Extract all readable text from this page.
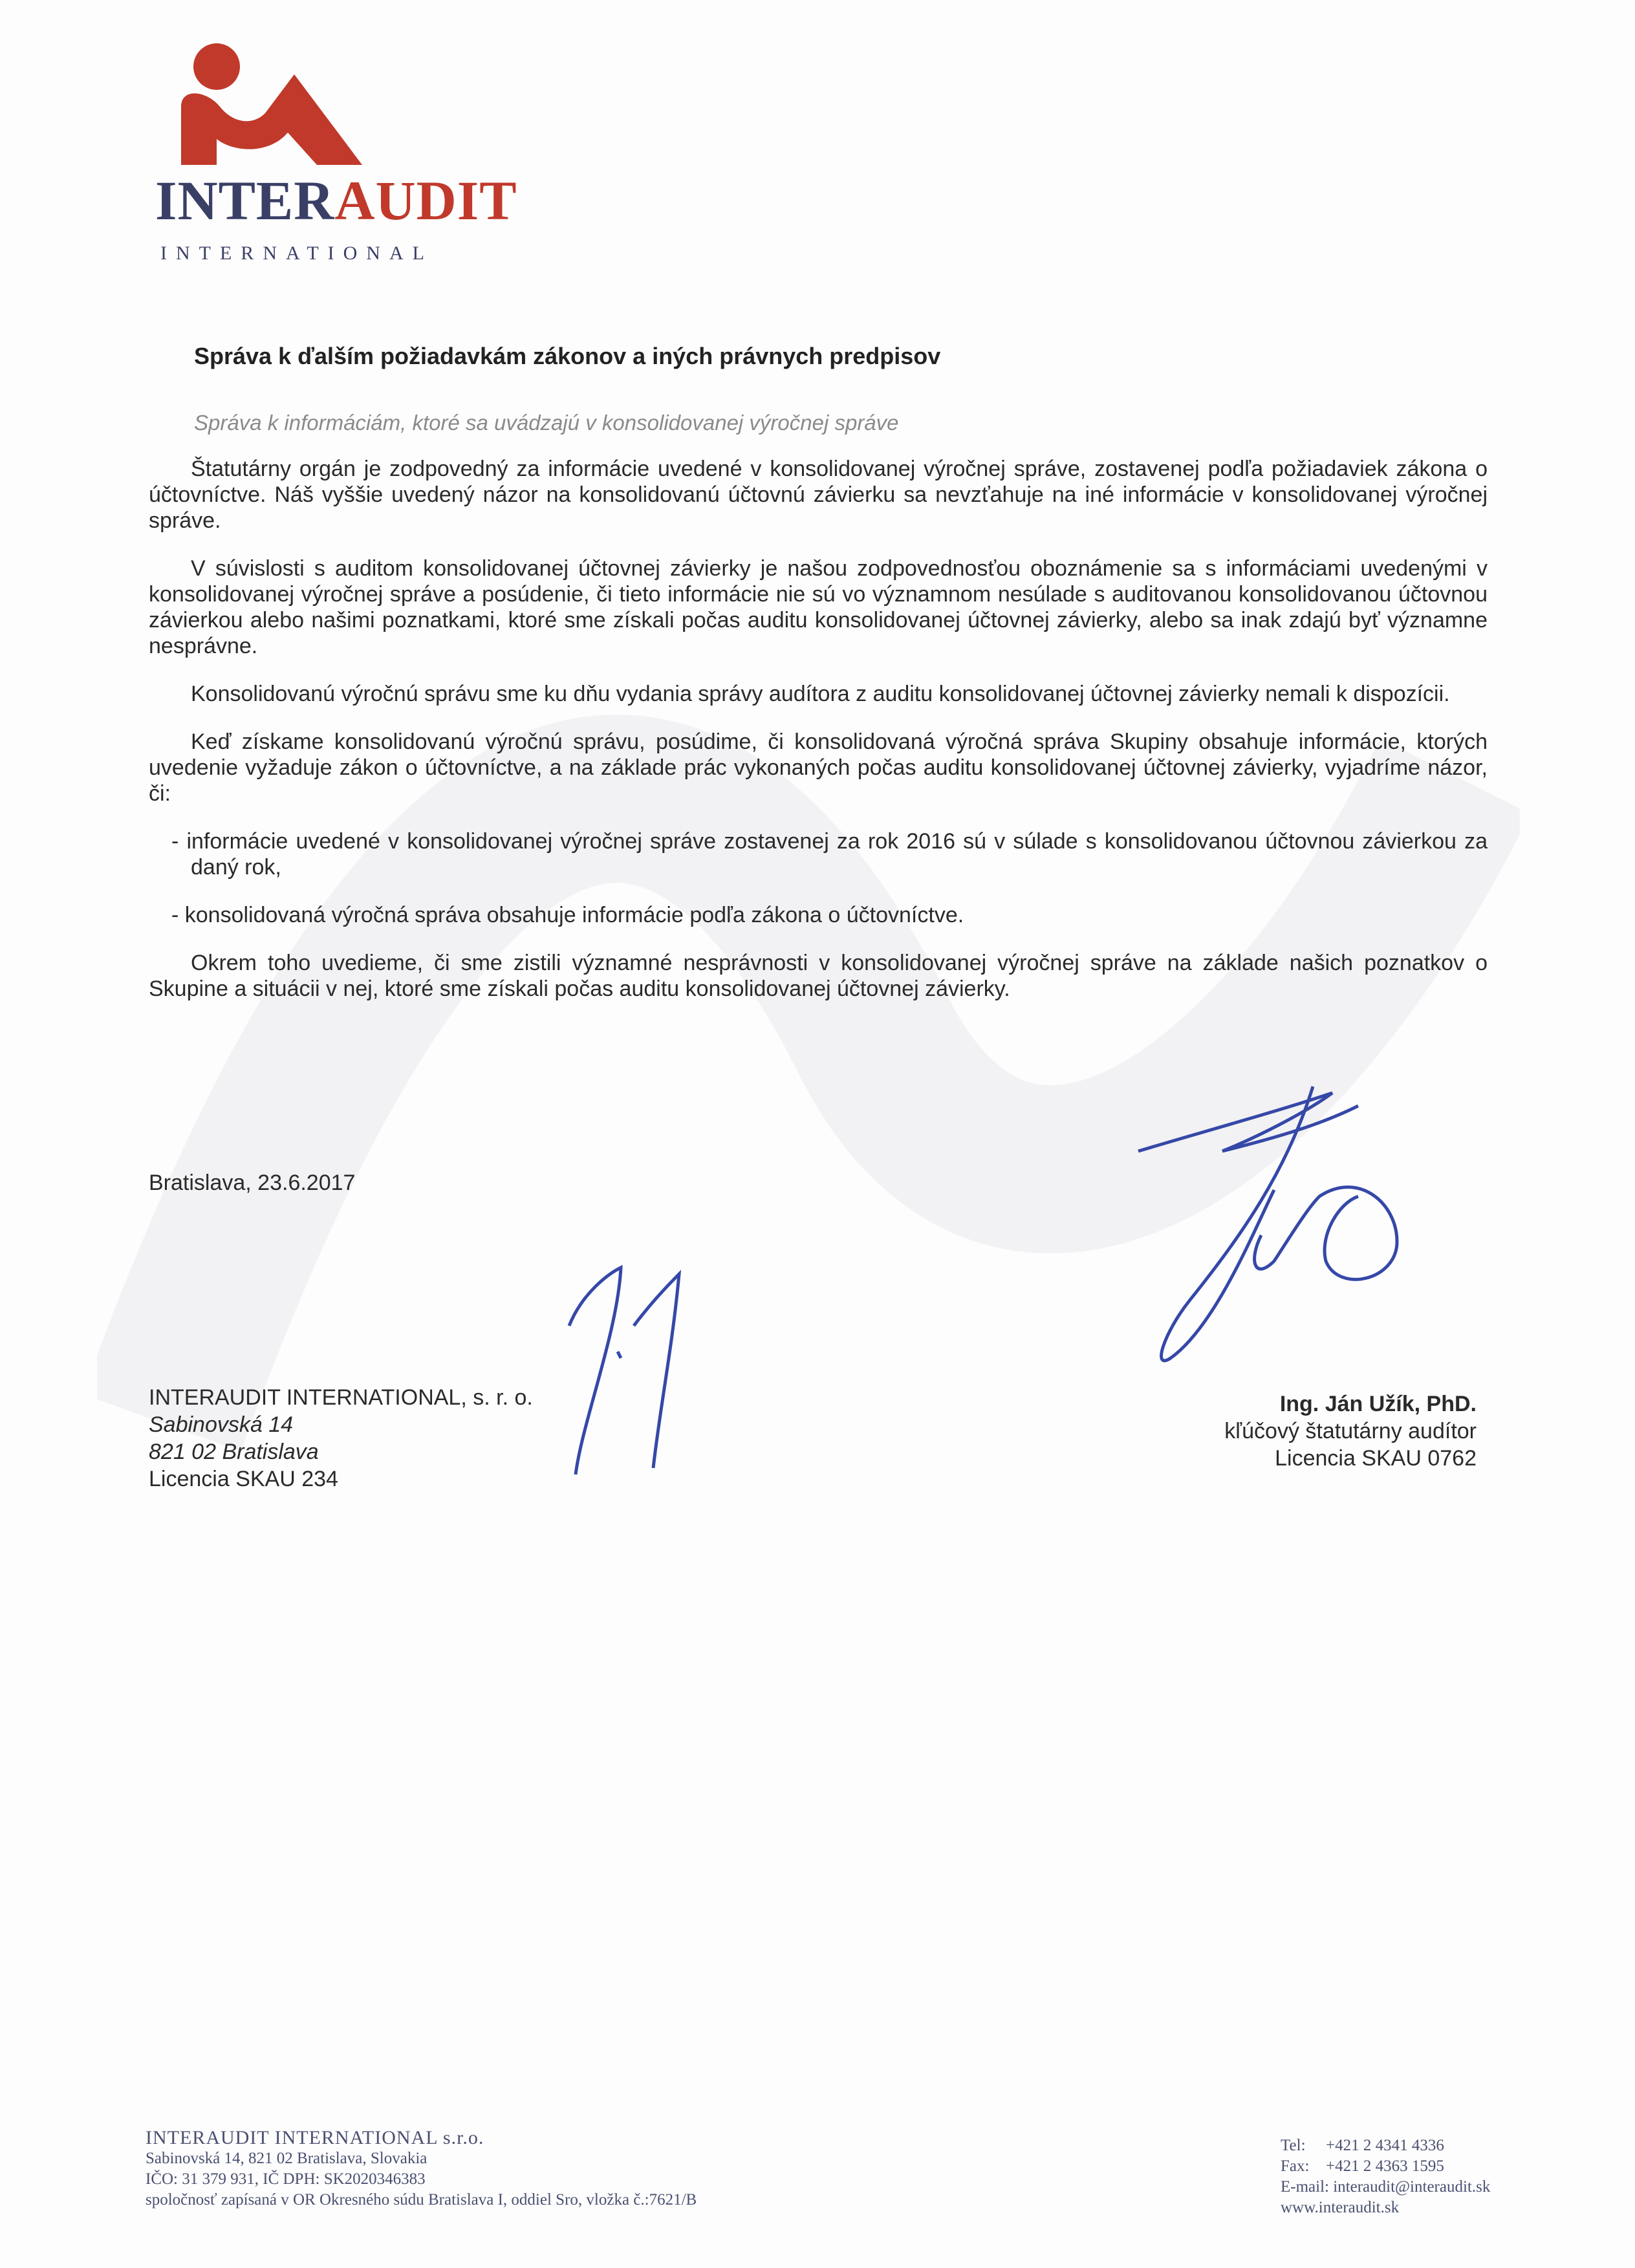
INTERAUDIT
INTERNATIONAL
Správa k ďalším požiadavkám zákonov a iných právnych predpisov
Správa k informáciám, ktoré sa uvádzajú v konsolidovanej výročnej správe

Štatutárny orgán je zodpovedný za informácie uvedené v konsolidovanej výročnej správe, zostavenej podľa požiadaviek zákona o účtovníctve. Náš vyššie uvedený názor na konsolidovanú účtovnú závierku sa nevzťahuje na iné informácie v konsolidovanej výročnej správe.

V súvislosti s auditom konsolidovanej účtovnej závierky je našou zodpovednosťou oboznámenie sa s informáciami uvedenými v konsolidovanej výročnej správe a posúdenie, či tieto informácie nie sú vo významnom nesúlade s auditovanou konsolidovanou účtovnou závierkou alebo našimi poznatkami, ktoré sme získali počas auditu konsolidovanej účtovnej závierky, alebo sa inak zdajú byť významne nesprávne.

Konsolidovanú výročnú správu sme ku dňu vydania správy audítora z auditu konsolidovanej účtovnej závierky nemali k dispozícii.

Keď získame konsolidovanú výročnú správu, posúdime, či konsolidovaná výročná správa Skupiny obsahuje informácie, ktorých uvedenie vyžaduje zákon o účtovníctve, a na základe prác vykonaných počas auditu konsolidovanej účtovnej závierky, vyjadríme názor, či:

- informácie uvedené v konsolidovanej výročnej správe zostavenej za rok 2016 sú v súlade s konsolidovanou účtovnou závierkou za daný rok,

- konsolidovaná výročná správa obsahuje informácie podľa zákona o účtovníctve.

Okrem toho uvedieme, či sme zistili významné nesprávnosti v konsolidovanej výročnej správe na základe našich poznatkov o Skupine a situácii v nej, ktoré sme získali počas auditu konsolidovanej účtovnej závierky.

Bratislava, 23.6.2017
INTERAUDIT INTERNATIONAL, s. r. o.
Sabinovská 14
821 02 Bratislava
Licencia SKAU 234
Ing. Ján Užík, PhD.
kľúčový štatutárny audítor
Licencia SKAU 0762
INTERAUDIT INTERNATIONAL s.r.o.
Sabinovská 14, 821 02 Bratislava, Slovakia
IČO: 31 379 931, IČ DPH: SK2020346383
spoločnosť zapísaná v OR Okresného súdu Bratislava I, oddiel Sro, vložka č.:7621/B
Tel: +421 2 4341 4336
Fax: +421 2 4363 1595
E-mail: interaudit@interaudit.sk
www.interaudit.sk
